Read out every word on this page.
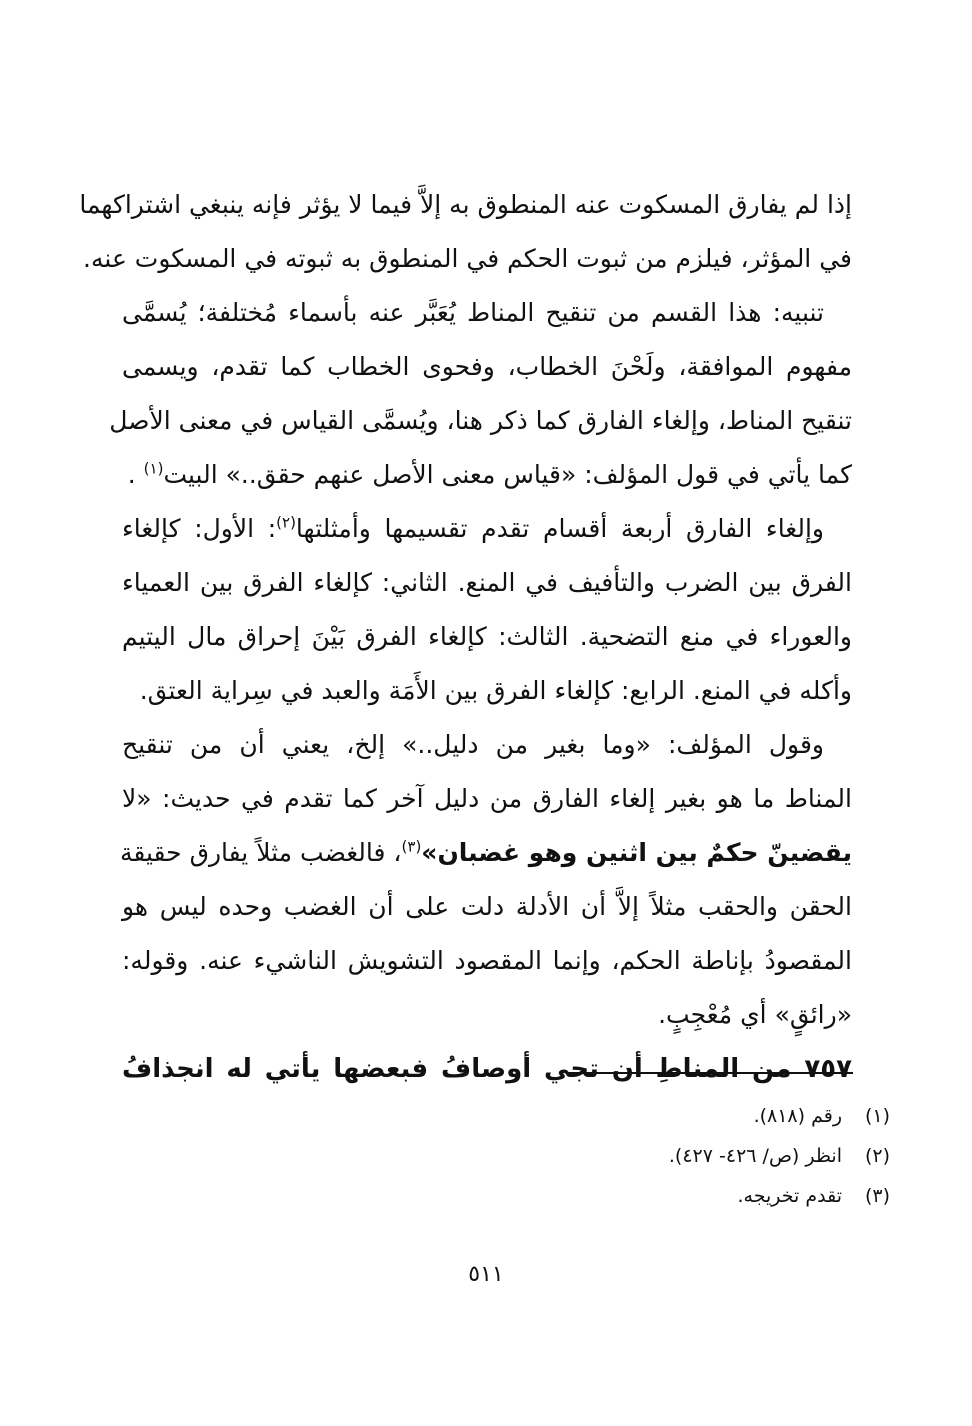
إذا لم يفارق المسكوت عنه المنطوق به إلاَّ فيما لا يؤثر فإنه ينبغي اشتراكهما
في المؤثر، فيلزم من ثبوت الحكم في المنطوق به ثبوته في المسكوت عنه.
تنبيه: هذا القسم من تنقيح المناط يُعَبَّر عنه بأسماء مُختلفة؛ يُسمَّى
مفهوم الموافقة، ولَحْنَ الخطاب، وفحوى الخطاب كما تقدم، ويسمى
تنقيح المناط، وإلغاء الفارق كما ذكر هنا، ويُسمَّى القياس في معنى الأصل
كما يأتي في قول المؤلف: «قياس معنى الأصل عنهم حقق..» البيت$^{(١)}$ .
وإلغاء الفارق أربعة أقسام تقدم تقسيمها وأمثلتها$^{(٢)}$: الأول: كإلغاء
الفرق بين الضرب والتأفيف في المنع. الثاني: كإلغاء الفرق بين العمياء
والعوراء في منع التضحية. الثالث: كإلغاء الفرق بَيْنَ إحراق مال اليتيم
وأكله في المنع. الرابع: كإلغاء الفرق بين الأَمَة والعبد في سِراية العتق.
وقول المؤلف: «وما بغير من دليل..» إلخ، يعني أن من تنقيح
المناط ما هو بغير إلغاء الفارق من دليل آخر كما تقدم في حديث: «لا
يقضينّ حكمٌ بين اثنين وهو غضبان»$^{(٣)}$، فالغضب مثلاً يفارق حقيقة
الحقن والحقب مثلاً إلاَّ أن الأدلة دلت على أن الغضب وحده ليس هو
المقصودُ بإناطة الحكم، وإنما المقصود التشويش الناشيء عنه. وقوله:
«رائقٍ» أي مُعْجِبٍ.
٧٥٧ من المناطِ أن تجي أوصافُ فبعضها يأتي له انجذافُ
(١)رقم (٨١٨).
(٢)انظر (ص/ ٤٢٦- ٤٢٧).
(٣)تقدم تخريجه.
٥١١
